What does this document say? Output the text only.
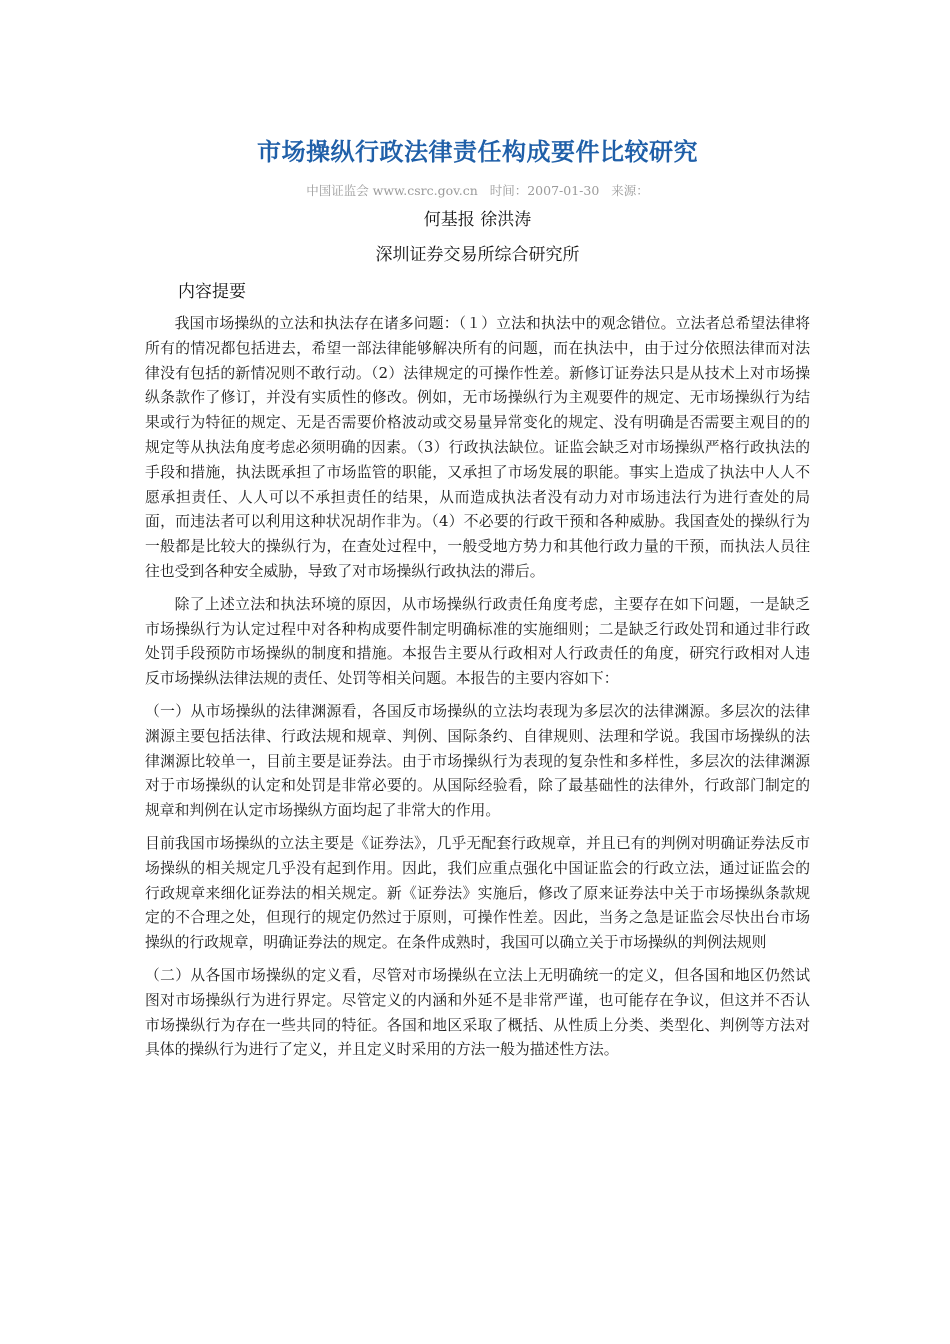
市场操纵行政法律责任构成要件比较研究
中国证监会 www.csrc.gov.cn 时间：2007-01-30 来源：

何基报 徐洪涛

深圳证券交易所综合研究所

内容提要

我国市场操纵的立法和执法存在诸多问题：（１）立法和执法中的观念错位。立法者总希望法律将所有的情况都包括进去，希望一部法律能够解决所有的问题，而在执法中，由于过分依照法律而对法律没有包括的新情况则不敢行动。（2）法律规定的可操作性差。新修订证券法只是从技术上对市场操纵条款作了修订，并没有实质性的修改。例如，无市场操纵行为主观要件的规定、无市场操纵行为结果或行为特征的规定、无是否需要价格波动或交易量异常变化的规定、没有明确是否需要主观目的的规定等从执法角度考虑必须明确的因素。（3）行政执法缺位。证监会缺乏对市场操纵严格行政执法的手段和措施，执法既承担了市场监管的职能，又承担了市场发展的职能。事实上造成了执法中人人不愿承担责任、人人可以不承担责任的结果，从而造成执法者没有动力对市场违法行为进行查处的局面，而违法者可以利用这种状况胡作非为。（4）不必要的行政干预和各种威胁。我国查处的操纵行为一般都是比较大的操纵行为，在查处过程中，一般受地方势力和其他行政力量的干预，而执法人员往往也受到各种安全威胁，导致了对市场操纵行政执法的滞后。

除了上述立法和执法环境的原因，从市场操纵行政责任角度考虑，主要存在如下问题，一是缺乏市场操纵行为认定过程中对各种构成要件制定明确标准的实施细则；二是缺乏行政处罚和通过非行政处罚手段预防市场操纵的制度和措施。本报告主要从行政相对人行政责任的角度，研究行政相对人违反市场操纵法律法规的责任、处罚等相关问题。本报告的主要内容如下：

（一）从市场操纵的法律渊源看，各国反市场操纵的立法均表现为多层次的法律渊源。多层次的法律渊源主要包括法律、行政法规和规章、判例、国际条约、自律规则、法理和学说。我国市场操纵的法律渊源比较单一，目前主要是证券法。由于市场操纵行为表现的复杂性和多样性，多层次的法律渊源对于市场操纵的认定和处罚是非常必要的。从国际经验看，除了最基础性的法律外，行政部门制定的规章和判例在认定市场操纵方面均起了非常大的作用。

目前我国市场操纵的立法主要是《证券法》，几乎无配套行政规章，并且已有的判例对明确证券法反市场操纵的相关规定几乎没有起到作用。因此，我们应重点强化中国证监会的行政立法，通过证监会的行政规章来细化证券法的相关规定。新《证券法》实施后，修改了原来证券法中关于市场操纵条款规定的不合理之处，但现行的规定仍然过于原则，可操作性差。因此，当务之急是证监会尽快出台市场操纵的行政规章，明确证券法的规定。在条件成熟时，我国可以确立关于市场操纵的判例法规则

（二）从各国市场操纵的定义看，尽管对市场操纵在立法上无明确统一的定义，但各国和地区仍然试图对市场操纵行为进行界定。尽管定义的内涵和外延不是非常严谨，也可能存在争议，但这并不否认市场操纵行为存在一些共同的特征。各国和地区采取了概括、从性质上分类、类型化、判例等方法对具体的操纵行为进行了定义，并且定义时采用的方法一般为描述性方法。
